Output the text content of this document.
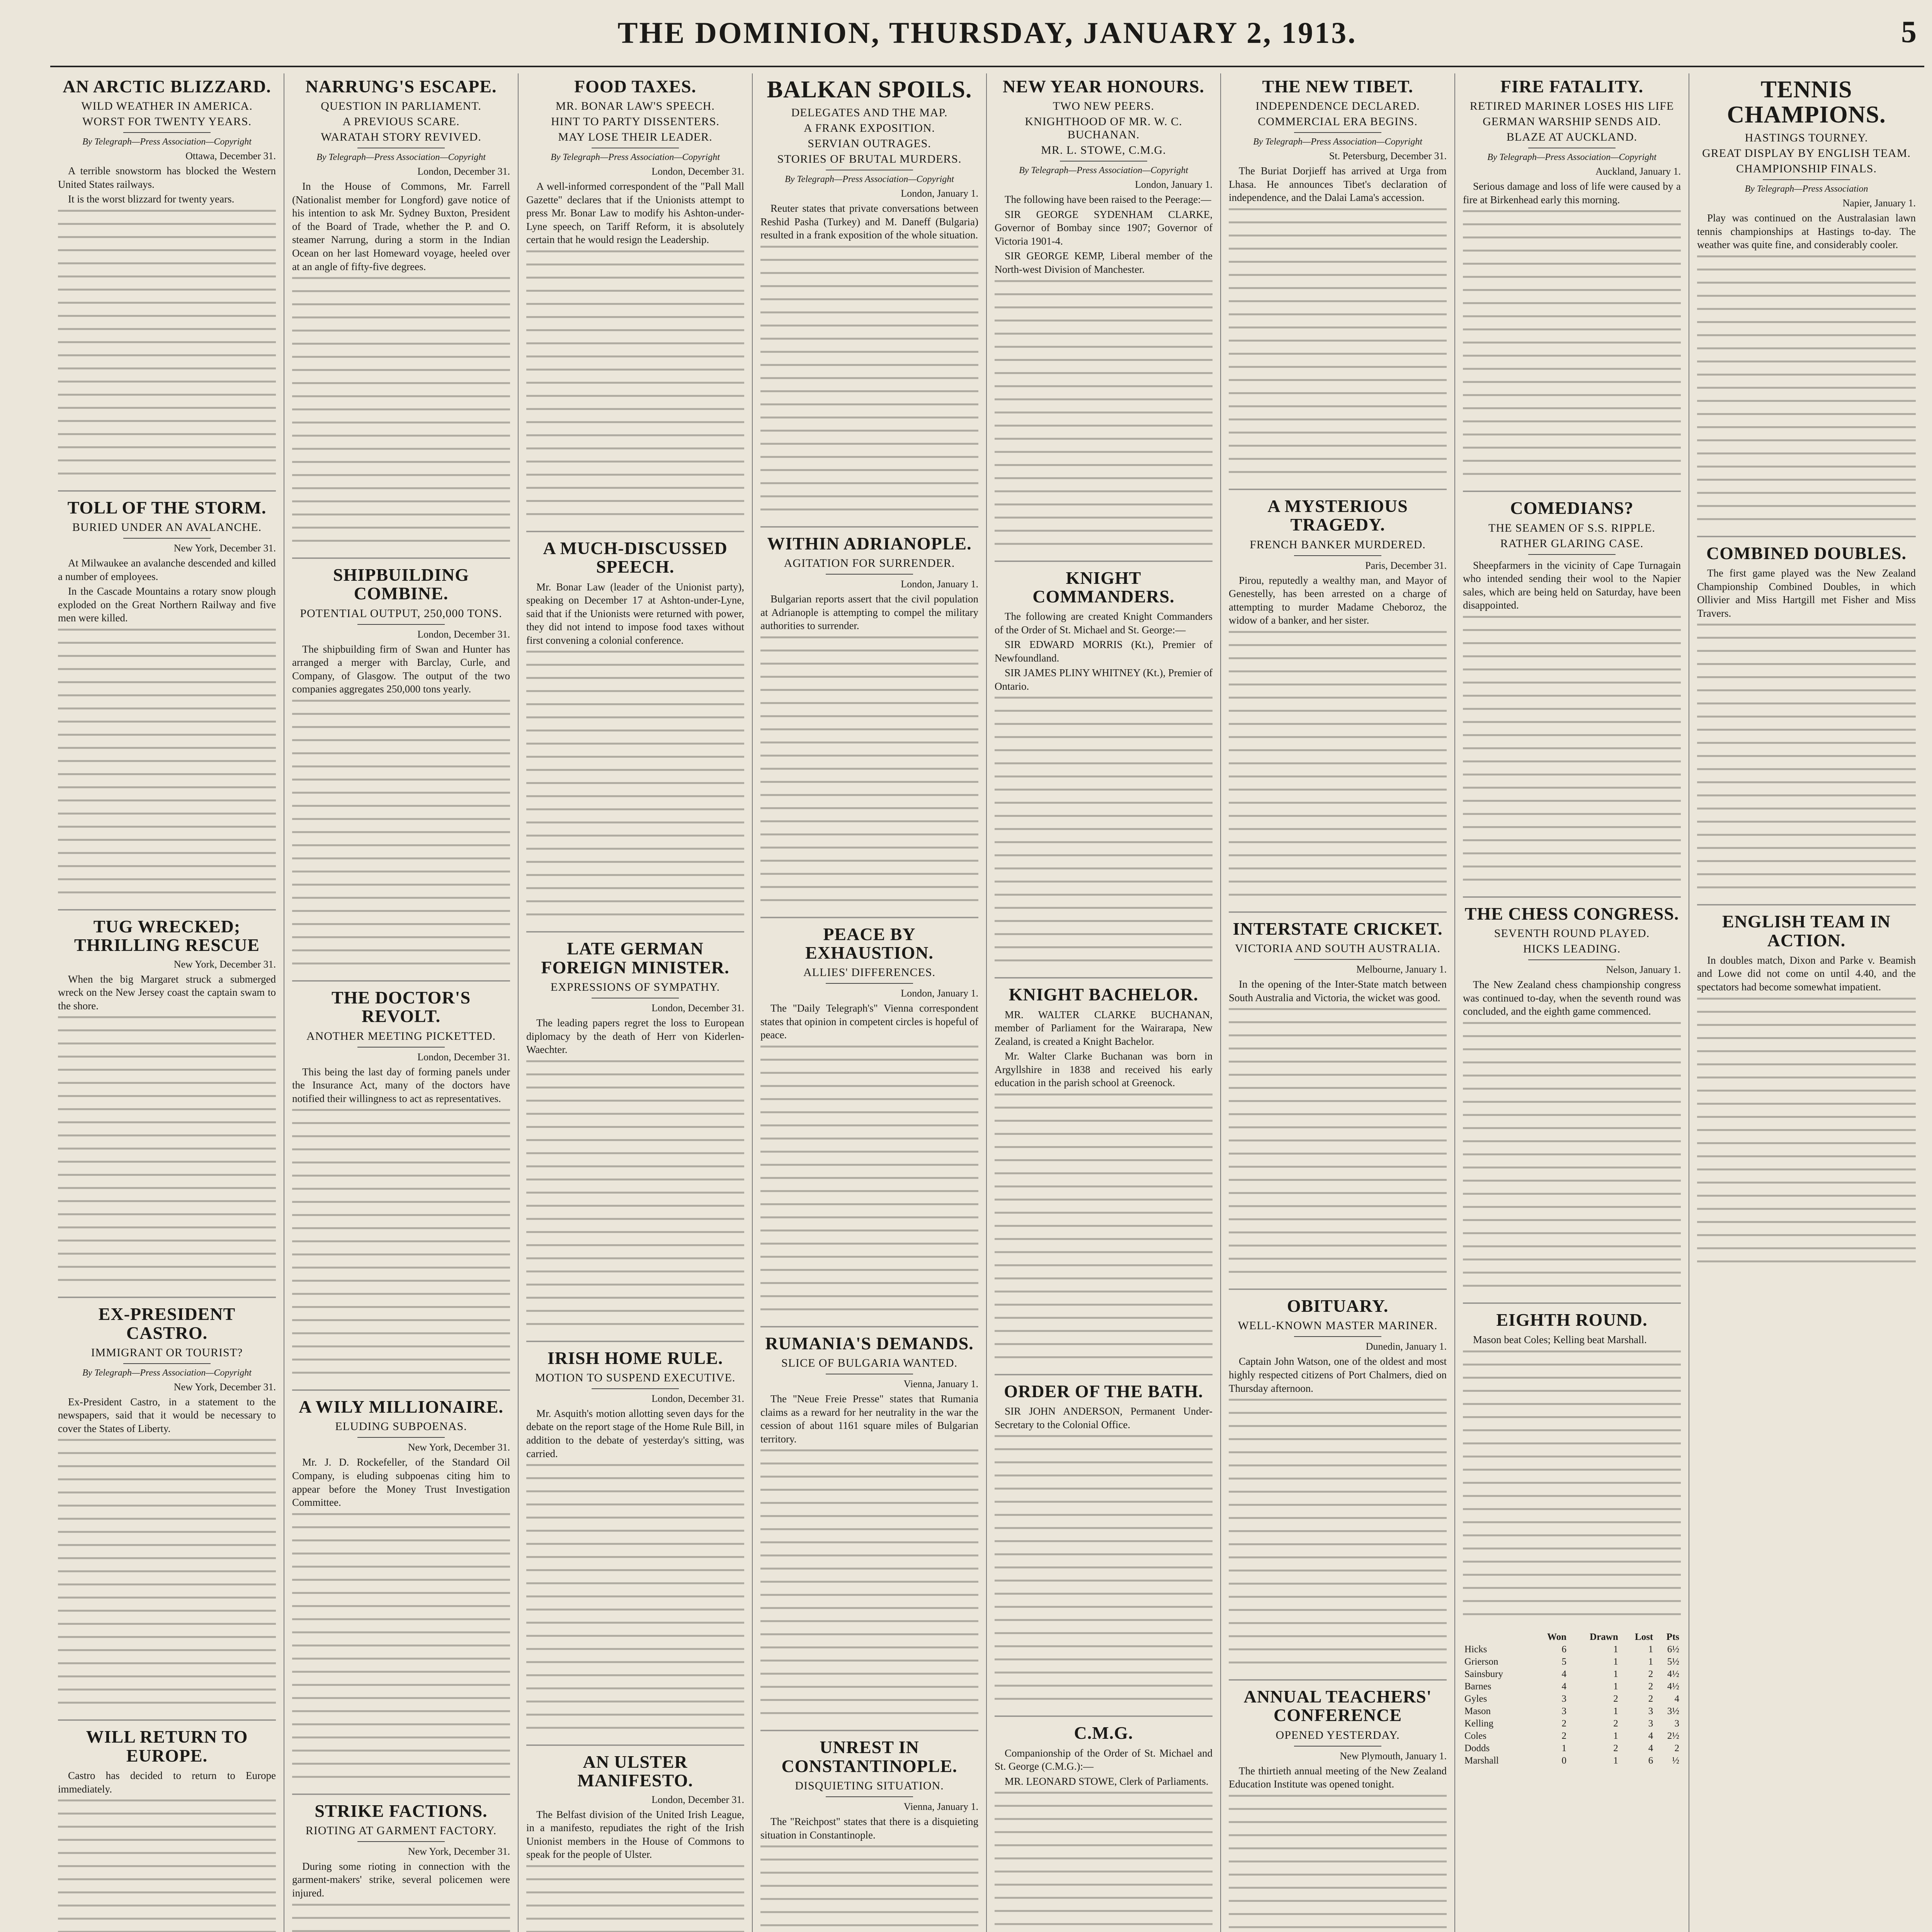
THE DOMINION, THURSDAY, JANUARY 2, 1913.	5
AN ARCTIC BLIZZARD.
WILD WEATHER IN AMERICA.
WORST FOR TWENTY YEARS.
By Telegraph—Press Association—Copyright
Ottawa, December 31.

A terrible snowstorm has blocked the Western United States railways.

It is the worst blizzard for twenty years.

TOLL OF THE STORM.
BURIED UNDER AN AVALANCHE.
New York, December 31.

At Milwaukee an avalanche descended and killed a number of employees.

In the Cascade Mountains a rotary snow plough exploded on the Great Northern Railway and five men were killed.

TUG WRECKED; THRILLING RESCUE
New York, December 31.

When the big Margaret struck a submerged wreck on the New Jersey coast the captain swam to the shore.

EX-PRESIDENT CASTRO.
IMMIGRANT OR TOURIST?
By Telegraph—Press Association—Copyright
New York, December 31.

Ex-President Castro, in a statement to the newspapers, said that it would be necessary to cover the States of Liberty.

WILL RETURN TO EUROPE.

Castro has decided to return to Europe immediately.

NARRUNG'S ESCAPE.
QUESTION IN PARLIAMENT.
A PREVIOUS SCARE.
WARATAH STORY REVIVED.
By Telegraph—Press Association—Copyright
London, December 31.

In the House of Commons, Mr. Farrell (Nationalist member for Longford) gave notice of his intention to ask Mr. Sydney Buxton, President of the Board of Trade, whether the P. and O. steamer Narrung, during a storm in the Indian Ocean on her last Homeward voyage, heeled over at an angle of fifty-five degrees.

SHIPBUILDING COMBINE.
POTENTIAL OUTPUT, 250,000 TONS.
London, December 31.

The shipbuilding firm of Swan and Hunter has arranged a merger with Barclay, Curle, and Company, of Glasgow. The output of the two companies aggregates 250,000 tons yearly.

THE DOCTOR'S REVOLT.
ANOTHER MEETING PICKETTED.
London, December 31.

This being the last day of forming panels under the Insurance Act, many of the doctors have notified their willingness to act as representatives.

A WILY MILLIONAIRE.
ELUDING SUBPOENAS.
New York, December 31.

Mr. J. D. Rockefeller, of the Standard Oil Company, is eluding subpoenas citing him to appear before the Money Trust Investigation Committee.

STRIKE FACTIONS.
RIOTING AT GARMENT FACTORY.
New York, December 31.

During some rioting in connection with the garment-makers' strike, several policemen were injured.

FOOD TAXES.
MR. BONAR LAW'S SPEECH.
HINT TO PARTY DISSENTERS.
MAY LOSE THEIR LEADER.
By Telegraph—Press Association—Copyright
London, December 31.

A well-informed correspondent of the "Pall Mall Gazette" declares that if the Unionists attempt to press Mr. Bonar Law to modify his Ashton-under-Lyne speech, on Tariff Reform, it is absolutely certain that he would resign the Leadership.

A MUCH-DISCUSSED SPEECH.

Mr. Bonar Law (leader of the Unionist party), speaking on December 17 at Ashton-under-Lyne, said that if the Unionists were returned with power, they did not intend to impose food taxes without first convening a colonial conference.

LATE GERMAN FOREIGN MINISTER.
EXPRESSIONS OF SYMPATHY.
London, December 31.

The leading papers regret the loss to European diplomacy by the death of Herr von Kiderlen-Waechter.

IRISH HOME RULE.
MOTION TO SUSPEND EXECUTIVE.
London, December 31.

Mr. Asquith's motion allotting seven days for the debate on the report stage of the Home Rule Bill, in addition to the debate of yesterday's sitting, was carried.

AN ULSTER MANIFESTO.
London, December 31.

The Belfast division of the United Irish League, in a manifesto, repudiates the right of the Irish Unionist members in the House of Commons to speak for the people of Ulster.

BALKAN SPOILS.
DELEGATES AND THE MAP.
A FRANK EXPOSITION.
SERVIAN OUTRAGES.
STORIES OF BRUTAL MURDERS.
By Telegraph—Press Association—Copyright
London, January 1.

Reuter states that private conversations between Reshid Pasha (Turkey) and M. Daneff (Bulgaria) resulted in a frank exposition of the whole situation.

WITHIN ADRIANOPLE.
AGITATION FOR SURRENDER.
London, January 1.

Bulgarian reports assert that the civil population at Adrianople is attempting to compel the military authorities to surrender.

PEACE BY EXHAUSTION.
ALLIES' DIFFERENCES.
London, January 1.

The "Daily Telegraph's" Vienna correspondent states that opinion in competent circles is hopeful of peace.

RUMANIA'S DEMANDS.
SLICE OF BULGARIA WANTED.
Vienna, January 1.

The "Neue Freie Presse" states that Rumania claims as a reward for her neutrality in the war the cession of about 1161 square miles of Bulgarian territory.

UNREST IN CONSTANTINOPLE.
DISQUIETING SITUATION.
Vienna, January 1.

The "Reichpost" states that there is a disquieting situation in Constantinople.

NEW YEAR HONOURS.
TWO NEW PEERS.
KNIGHTHOOD OF MR. W. C. BUCHANAN.
MR. L. STOWE, C.M.G.
By Telegraph—Press Association—Copyright
London, January 1.

The following have been raised to the Peerage:—

SIR GEORGE SYDENHAM CLARKE, Governor of Bombay since 1907; Governor of Victoria 1901-4.

SIR GEORGE KEMP, Liberal member of the North-west Division of Manchester.

KNIGHT COMMANDERS.

The following are created Knight Commanders of the Order of St. Michael and St. George:—

SIR EDWARD MORRIS (Kt.), Premier of Newfoundland.

SIR JAMES PLINY WHITNEY (Kt.), Premier of Ontario.

KNIGHT BACHELOR.

MR. WALTER CLARKE BUCHANAN, member of Parliament for the Wairarapa, New Zealand, is created a Knight Bachelor.

Mr. Walter Clarke Buchanan was born in Argyllshire in 1838 and received his early education in the parish school at Greenock.

ORDER OF THE BATH.

SIR JOHN ANDERSON, Permanent Under-Secretary to the Colonial Office.

C.M.G.

Companionship of the Order of St. Michael and St. George (C.M.G.):—

MR. LEONARD STOWE, Clerk of Parliaments.

THE NEW TIBET.
INDEPENDENCE DECLARED.
COMMERCIAL ERA BEGINS.
By Telegraph—Press Association—Copyright
St. Petersburg, December 31.

The Buriat Dorjieff has arrived at Urga from Lhasa. He announces Tibet's declaration of independence, and the Dalai Lama's accession.

A MYSTERIOUS TRAGEDY.
FRENCH BANKER MURDERED.
Paris, December 31.

Pirou, reputedly a wealthy man, and Mayor of Genestelly, has been arrested on a charge of attempting to murder Madame Cheboroz, the widow of a banker, and her sister.

INTERSTATE CRICKET.
VICTORIA AND SOUTH AUSTRALIA.
Melbourne, January 1.

In the opening of the Inter-State match between South Australia and Victoria, the wicket was good.

OBITUARY.
WELL-KNOWN MASTER MARINER.
Dunedin, January 1.

Captain John Watson, one of the oldest and most highly respected citizens of Port Chalmers, died on Thursday afternoon.

ANNUAL TEACHERS' CONFERENCE
OPENED YESTERDAY.
New Plymouth, January 1.

The thirtieth annual meeting of the New Zealand Education Institute was opened tonight.

FIRE FATALITY.
RETIRED MARINER LOSES HIS LIFE
GERMAN WARSHIP SENDS AID.
BLAZE AT AUCKLAND.
By Telegraph—Press Association—Copyright
Auckland, January 1.

Serious damage and loss of life were caused by a fire at Birkenhead early this morning.

COMEDIANS?
THE SEAMEN OF S.S. RIPPLE.
RATHER GLARING CASE.

Sheepfarmers in the vicinity of Cape Turnagain who intended sending their wool to the Napier sales, which are being held on Saturday, have been disappointed.

THE CHESS CONGRESS.
SEVENTH ROUND PLAYED.
HICKS LEADING.
Nelson, January 1.

The New Zealand chess championship congress was continued to-day, when the seventh round was concluded, and the eighth game commenced.

EIGHTH ROUND.

Mason beat Coles; Kelling beat Marshall.

	Won	Drawn	Lost	Pts
Hicks	6	1	1	6½
Grierson	5	1	1	5½
Sainsbury	4	1	2	4½
Barnes	4	1	2	4½
Gyles	3	2	2	4
Mason	3	1	3	3½
Kelling	2	2	3	3
Coles	2	1	4	2½
Dodds	1	2	4	2
Marshall	0	1	6	½
TENNIS CHAMPIONS.
HASTINGS TOURNEY.
GREAT DISPLAY BY ENGLISH TEAM.
CHAMPIONSHIP FINALS.
By Telegraph—Press Association
Napier, January 1.

Play was continued on the Australasian lawn tennis championships at Hastings to-day. The weather was quite fine, and considerably cooler.

COMBINED DOUBLES.

The first game played was the New Zealand Championship Combined Doubles, in which Ollivier and Miss Hartgill met Fisher and Miss Travers.

ENGLISH TEAM IN ACTION.

In doubles match, Dixon and Parke v. Beamish and Lowe did not come on until 4.40, and the spectators had become somewhat impatient.
